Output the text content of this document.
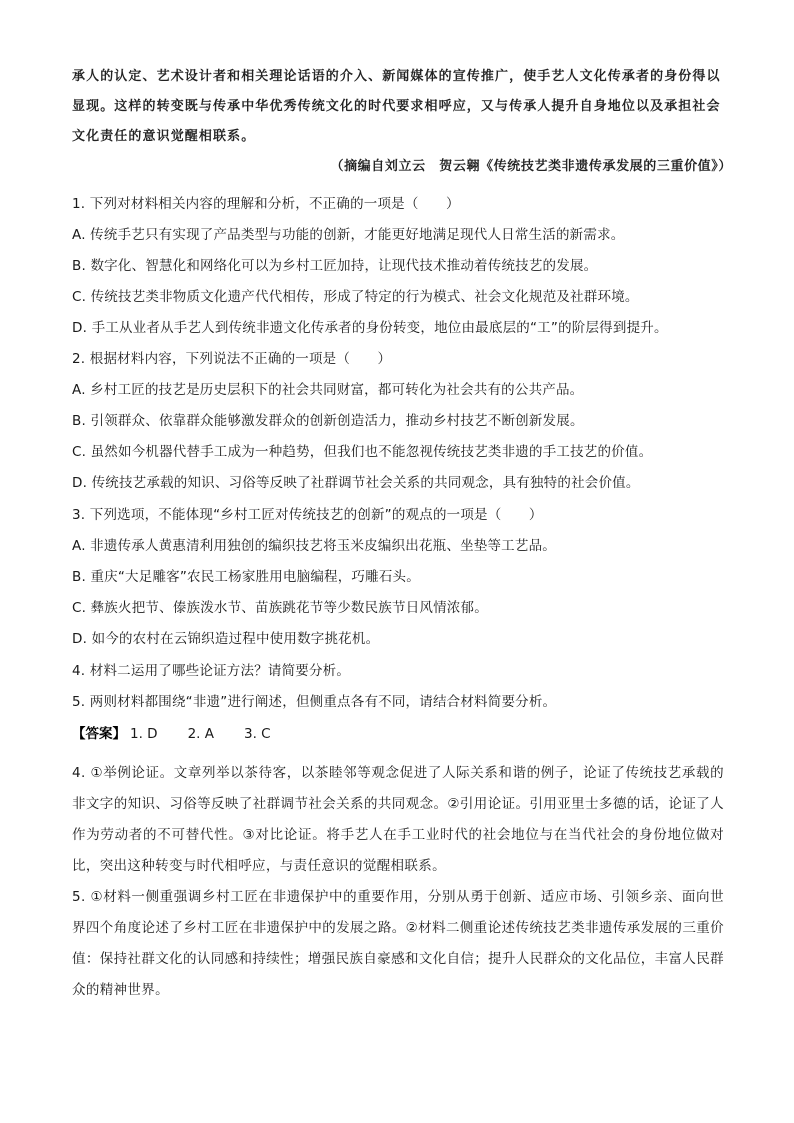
承人的认定、艺术设计者和相关理论话语的介入、新闻媒体的宣传推广，使手艺人文化传承者的身份得以

显现。这样的转变既与传承中华优秀传统文化的时代要求相呼应，又与传承人提升自身地位以及承担社会

文化责任的意识觉醒相联系。

（摘编自刘立云　贺云翱《传统技艺类非遗传承发展的三重价值》）
1. 下列对材料相关内容的理解和分析，不正确的一项是（　　）
A. 传统手艺只有实现了产品类型与功能的创新，才能更好地满足现代人日常生活的新需求。
B. 数字化、智慧化和网络化可以为乡村工匠加持，让现代技术推动着传统技艺的发展。
C. 传统技艺类非物质文化遗产代代相传，形成了特定的行为模式、社会文化规范及社群环境。
D. 手工从业者从手艺人到传统非遗文化传承者的身份转变，地位由最底层的“工”的阶层得到提升。
2. 根据材料内容，下列说法不正确的一项是（　　）
A. 乡村工匠的技艺是历史层积下的社会共同财富，都可转化为社会共有的公共产品。
B. 引领群众、依靠群众能够激发群众的创新创造活力，推动乡村技艺不断创新发展。
C. 虽然如今机器代替手工成为一种趋势，但我们也不能忽视传统技艺类非遗的手工技艺的价值。
D. 传统技艺承载的知识、习俗等反映了社群调节社会关系的共同观念，具有独特的社会价值。
3. 下列选项，不能体现“乡村工匠对传统技艺的创新”的观点的一项是（　　）
A. 非遗传承人黄惠清利用独创的编织技艺将玉米皮编织出花瓶、坐垫等工艺品。
B. 重庆“大足雕客”农民工杨家胜用电脑编程，巧雕石头。
C. 彝族火把节、傣族泼水节、苗族跳花节等少数民族节日风情浓郁。
D. 如今的农村在云锦织造过程中使用数字挑花机。
4. 材料二运用了哪些论证方法？请简要分析。
5. 两则材料都围绕“非遗”进行阐述，但侧重点各有不同，请结合材料简要分析。
【答案】 1. D 2. A 3. C

4. ①举例论证。文章列举以茶待客，以茶睦邻等观念促进了人际关系和谐的例子，论证了传统技艺承载的非文字的知识、习俗等反映了社群调节社会关系的共同观念。②引用论证。引用亚里士多德的话，论证了人作为劳动者的不可替代性。③对比论证。将手艺人在手工业时代的社会地位与在当代社会的身份地位做对比，突出这种转变与时代相呼应，与责任意识的觉醒相联系。

5. ①材料一侧重强调乡村工匠在非遗保护中的重要作用，分别从勇于创新、适应市场、引领乡亲、面向世界四个角度论述了乡村工匠在非遗保护中的发展之路。②材料二侧重论述传统技艺类非遗传承发展的三重价值：保持社群文化的认同感和持续性；增强民族自豪感和文化自信；提升人民群众的文化品位，丰富人民群众的精神世界。
